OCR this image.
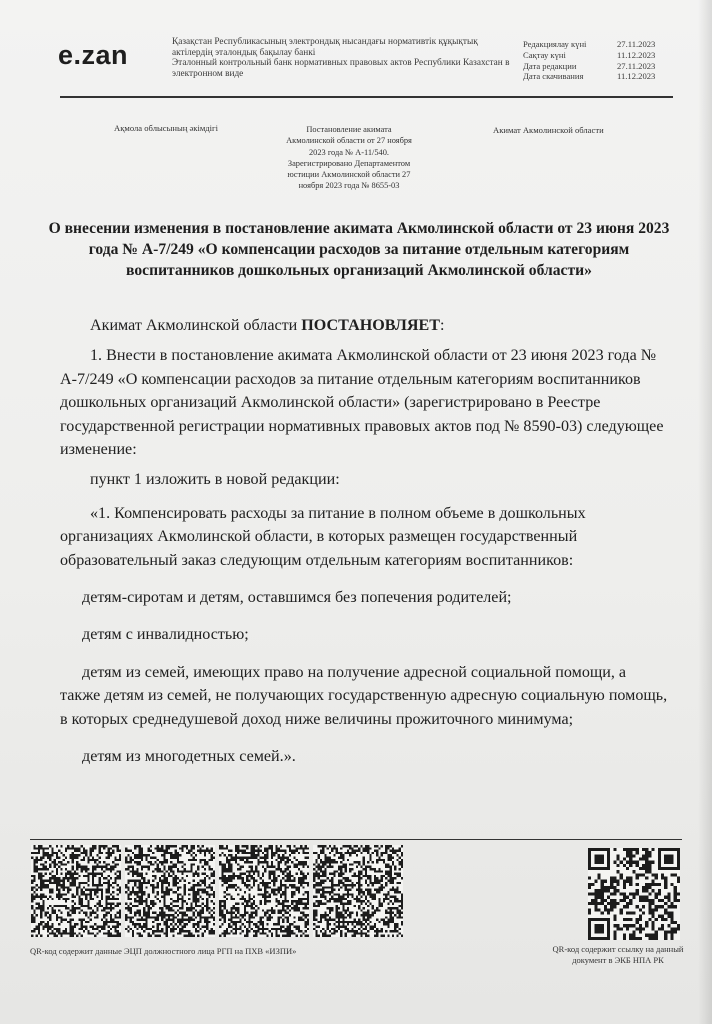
e.zan	Қазақстан Республикасының электрондық нысандағы нормативтік құқықтық актілердің эталондық бақылау банкі
Эталонный контрольный банк нормативных правовых актов Республики Казахстан в электронном виде
Редакциялау күні	27.11.2023
Сақтау күні	11.12.2023
Дата редакции	27.11.2023
Дата скачивания	11.12.2023
Ақмола облысының әкімдігі	Постановление акимата Акмолинской области от 27 ноября 2023 года № А-11/540. Зарегистрировано Департаментом юстиции Акмолинской области 27 ноября 2023 года № 8655-03
Акимат Акмолинской области
О внесении изменения в постановление акимата Акмолинской области от 23 июня 2023 года № А-7/249 «О компенсации расходов за питание отдельным категориям воспитанников дошкольных организаций Акмолинской области»

Акимат Акмолинской области ПОСТАНОВЛЯЕТ:

1. Внести в постановление акимата Акмолинской области от 23 июня 2023 года № А-7/249 «О компенсации расходов за питание отдельным категориям воспитанников дошкольных организаций Акмолинской области» (зарегистрировано в Реестре государственной регистрации нормативных правовых актов под № 8590-03) следующее изменение:

пункт 1 изложить в новой редакции:

«1. Компенсировать расходы за питание в полном объеме в дошкольных организациях Акмолинской области, в которых размещен государственный образовательный заказ следующим отдельным категориям воспитанников:

детям-сиротам и детям, оставшимся без попечения родителей;

детям с инвалидностью;

детям из семей, имеющих право на получение адресной социальной помощи, а также детям из семей, не получающих государственную адресную социальную помощь, в которых среднедушевой доход ниже величины прожиточного минимума;

детям из многодетных семей.».

QR-код содержит данные ЭЦП должностного лица РГП на ПХВ «ИЗПИ»	QR-код содержит ссылку на данный документ в ЭКБ НПА РК
